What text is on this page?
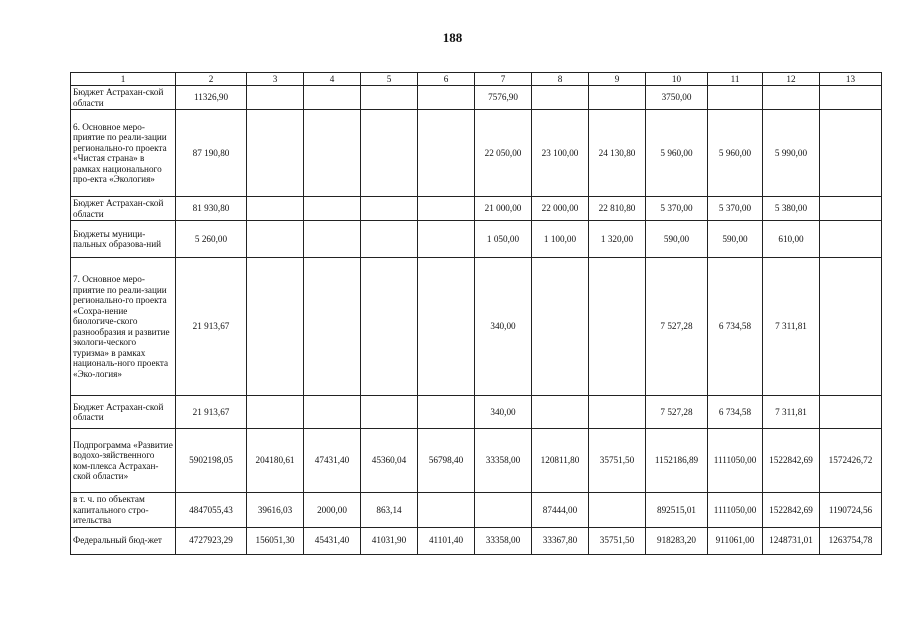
188
1	2	3	4	5	6	7	8	9	10	11	12	13
Бюджет Астрахан-ской области	11326,90					7576,90			3750,00			
6. Основное меро-приятие по реали-зации регионально-го проекта «Чистая страна» в рамках национального про-екта «Экология»	87 190,80					22 050,00	23 100,00	24 130,80	5 960,00	5 960,00	5 990,00	
Бюджет Астрахан-ской области	81 930,80					21 000,00	22 000,00	22 810,80	5 370,00	5 370,00	5 380,00	
Бюджеты муници-пальных образова-ний	5 260,00					1 050,00	1 100,00	1 320,00	590,00	590,00	610,00	
7. Основное меро-приятие по реали-зации регионально-го проекта «Сохра-нение биологиче-ского разнообразия и развитие экологи-ческого туризма» в рамках националь-ного проекта «Эко-логия»	21 913,67					340,00			7 527,28	6 734,58	7 311,81	
Бюджет Астрахан-ской области	21 913,67					340,00			7 527,28	6 734,58	7 311,81	
Подпрограмма «Развитие водохо-зяйственного ком-плекса Астрахан-ской области»	5902198,05	204180,61	47431,40	45360,04	56798,40	33358,00	120811,80	35751,50	1152186,89	1111050,00	1522842,69	1572426,72
в т. ч. по объектам капитального стро-ительства	4847055,43	39616,03	2000,00	863,14			87444,00		892515,01	1111050,00	1522842,69	1190724,56
Федеральный бюд-жет	4727923,29	156051,30	45431,40	41031,90	41101,40	33358,00	33367,80	35751,50	918283,20	911061,00	1248731,01	1263754,78
